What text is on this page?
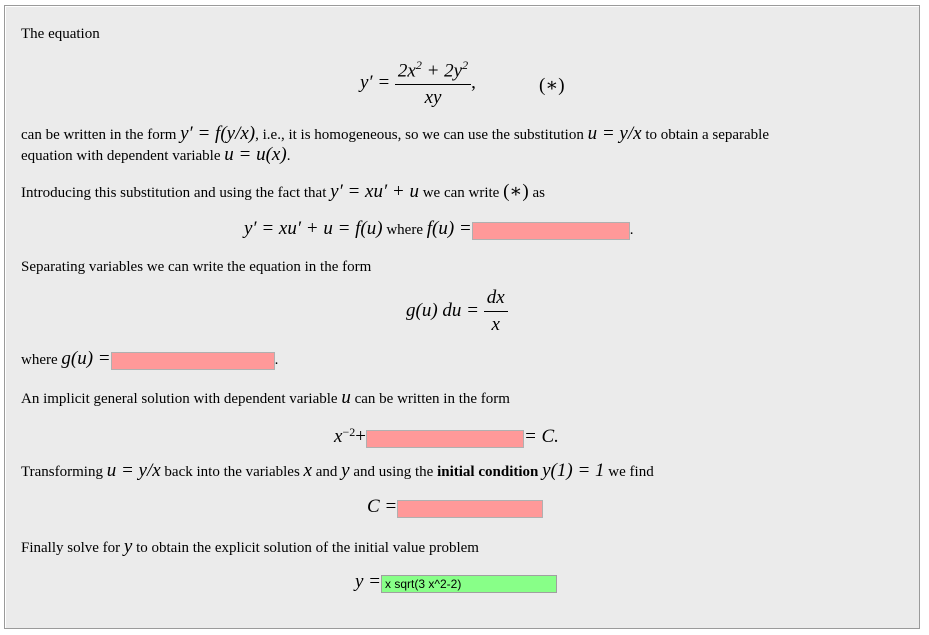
The equation
$y' = \frac{2x^2 + 2y^2}{xy}$ ,	(∗)
can be written in the form y′ = f(y/x), i.e., it is homogeneous, so we can use the substitution u = y/x to obtain a separable
equation with dependent variable u = u(x).
Introducing this substitution and using the fact that y′ = xu′ + u we can write (∗) as
y′ = xu′ + u = f(u) where f(u) =	.
Separating variables we can write the equation in the form
g(u) du = $\frac{dx}{x}$
where g(u) =	.
An implicit general solution with dependent variable u can be written in the form
$x^{-2}+$	= C.
Transforming u = y/x back into the variables x and y and using the initial condition y(1) = 1 we find
C =
Finally solve for y to obtain the explicit solution of the initial value problem
y = x sqrt(3 x^2-2)
